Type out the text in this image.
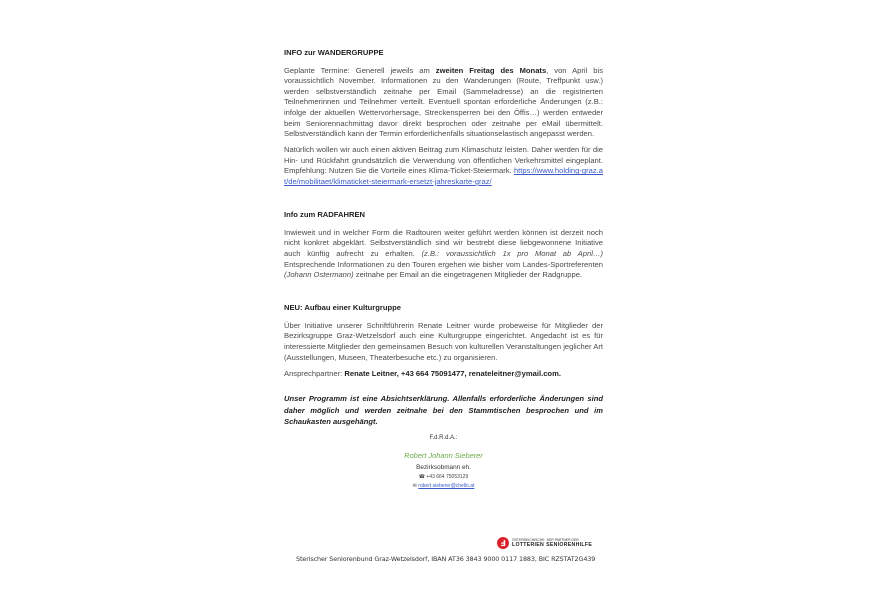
INFO zur WANDERGRUPPE

Geplante Termine: Generell jeweils am zweiten Freitag des Monats, von April bis voraussichtlich November. Informationen zu den Wanderungen (Route, Treffpunkt usw.) werden selbstverständlich zeitnahe per Email (Sammeladresse) an die registrierten Teilnehmerinnen und Teilnehmer verteilt. Eventuell spontan erforderliche Änderungen (z.B.: infolge der aktuellen Wettervorhersage, Streckensperren bei den Öffis…) werden entweder beim Seniorennachmittag davor direkt besprochen oder zeitnahe per eMail übermittelt. Selbstverständlich kann der Termin erforderlichenfalls situationselastisch angepasst werden.

Natürlich wollen wir auch einen aktiven Beitrag zum Klimaschutz leisten. Daher werden für die Hin- und Rückfahrt grundsätzlich die Verwendung von öffentlichen Verkehrsmittel eingeplant. Empfehlung: Nutzen Sie die Vorteile eines Klima-Ticket-Steiermark. https://www.holding-graz.at/de/mobilitaet/klimaticket-steiermark-ersetzt-jahreskarte-graz/

Info zum RADFAHREN

Inwieweit und in welcher Form die Radtouren weiter geführt werden können ist derzeit noch nicht konkret abgeklärt. Selbstverständlich sind wir bestrebt diese liebgewonnene Initiative auch künftig aufrecht zu erhalten. (z.B.: voraussichtlich 1x pro Monat ab April…) Entsprechende Informationen zu den Touren ergehen wie bisher vom Landes-Sportreferenten (Johann Ostermann) zeitnahe per Email an die eingetragenen Mitglieder der Radgruppe.

NEU: Aufbau einer Kulturgruppe

Über Initiative unserer Schriftführerin Renate Leitner wurde probeweise für Mitglieder der Bezirksgruppe Graz-Wetzelsdorf auch eine Kulturgruppe eingerichtet. Angedacht ist es für interessierte Mitglieder den gemeinsamen Besuch von kulturellen Veranstaltungen jeglicher Art (Ausstellungen, Museen, Theaterbesuche etc.) zu organisieren.

Ansprechpartner: Renate Leitner, +43 664 75091477, renateleitner@ymail.com.

Unser Programm ist eine Absichtserklärung. Allenfalls erforderliche Änderungen sind daher möglich und werden zeitnahe bei den Stammtischen besprochen und im Schaukasten ausgehängt.
F.d.R.d.A.:
Robert Johann Sieberer
Bezirksobmann eh.
☎ +43 664 75053129
✉ robert.sieberer@chello.at
Ⅎ	ÖSTERREICHISCHE DER PARTNER DER
LOTTERIEN SENIORENHILFE
Sterischer Seniorenbund Graz-Wetzelsdorf, IBAN AT36 3843 9000 0117 1883, BIC RZSTAT2G439
